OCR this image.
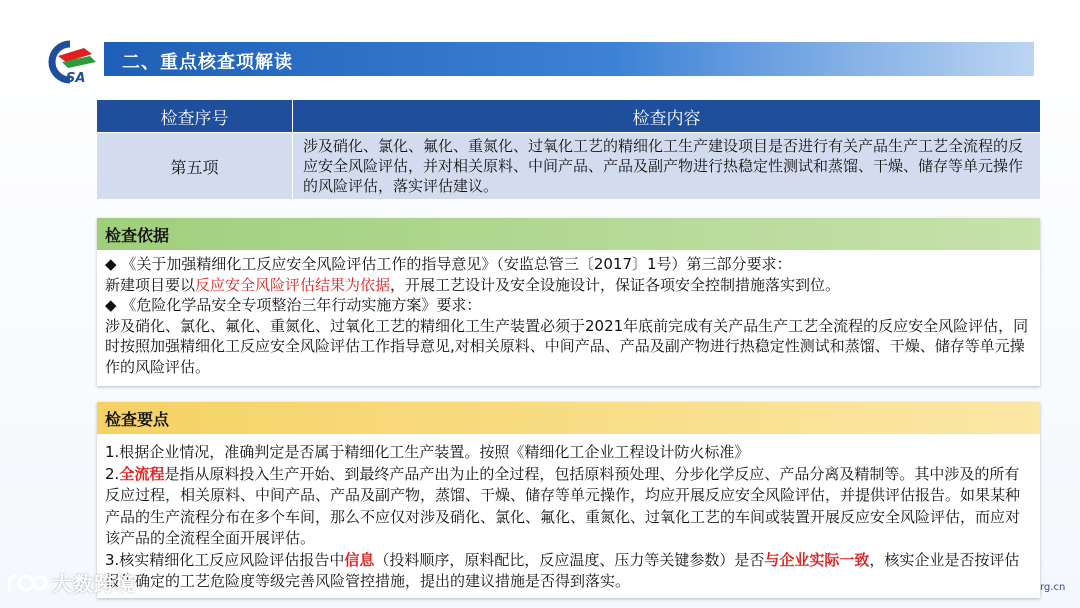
SA
二、重点核查项解读
检查序号	检查内容
第五项
涉及硝化、氯化、氟化、重氮化、过氧化工艺的精细化工生产建设项目是否进行有关产品生产工艺全流程的反应安全风险评估，并对相关原料、中间产品、产品及副产物进行热稳定性测试和蒸馏、干燥、储存等单元操作的风险评估，落实评估建议。
检查依据
◆ 《关于加强精细化工反应安全风险评估工作的指导意见》（安监总管三〔2017〕1号）第三部分要求：
新建项目要以反应安全风险评估结果为依据，开展工艺设计及安全设施设计，保证各项安全控制措施落实到位。
◆ 《危险化学品安全专项整治三年行动实施方案》要求：
涉及硝化、氯化、氟化、重氮化、过氧化工艺的精细化工生产装置必须于2021年底前完成有关产品生产工艺全流程的反应安全风险评估，同时按照加强精细化工反应安全风险评估工作指导意见,对相关原料、中间产品、产品及副产物进行热稳定性测试和蒸馏、干燥、储存等单元操作的风险评估。
检查要点
1.根据企业情况，准确判定是否属于精细化工生产装置。按照《精细化工企业工程设计防火标准》
2.全流程是指从原料投入生产开始、到最终产品产出为止的全过程，包括原料预处理、分步化学反应、产品分离及精制等。其中涉及的所有反应过程，相关原料、中间产品、产品及副产物，蒸馏、干燥、储存等单元操作，均应开展反应安全风险评估，并提供评估报告。如果某种产品的生产流程分布在多个车间，那么不应仅对涉及硝化、氯化、氟化、重氮化、过氧化工艺的车间或装置开展反应安全风险评估，而应对该产品的全流程全面开展评估。
3.核实精细化工反应风险评估报告中信息（投料顺序，原料配比，反应温度、压力等关键参数）是否与企业实际一致，核实企业是否按评估报告确定的工艺危险度等级完善风险管控措施，提出的建议措施是否得到落实。
大数跨境	rg.cn
